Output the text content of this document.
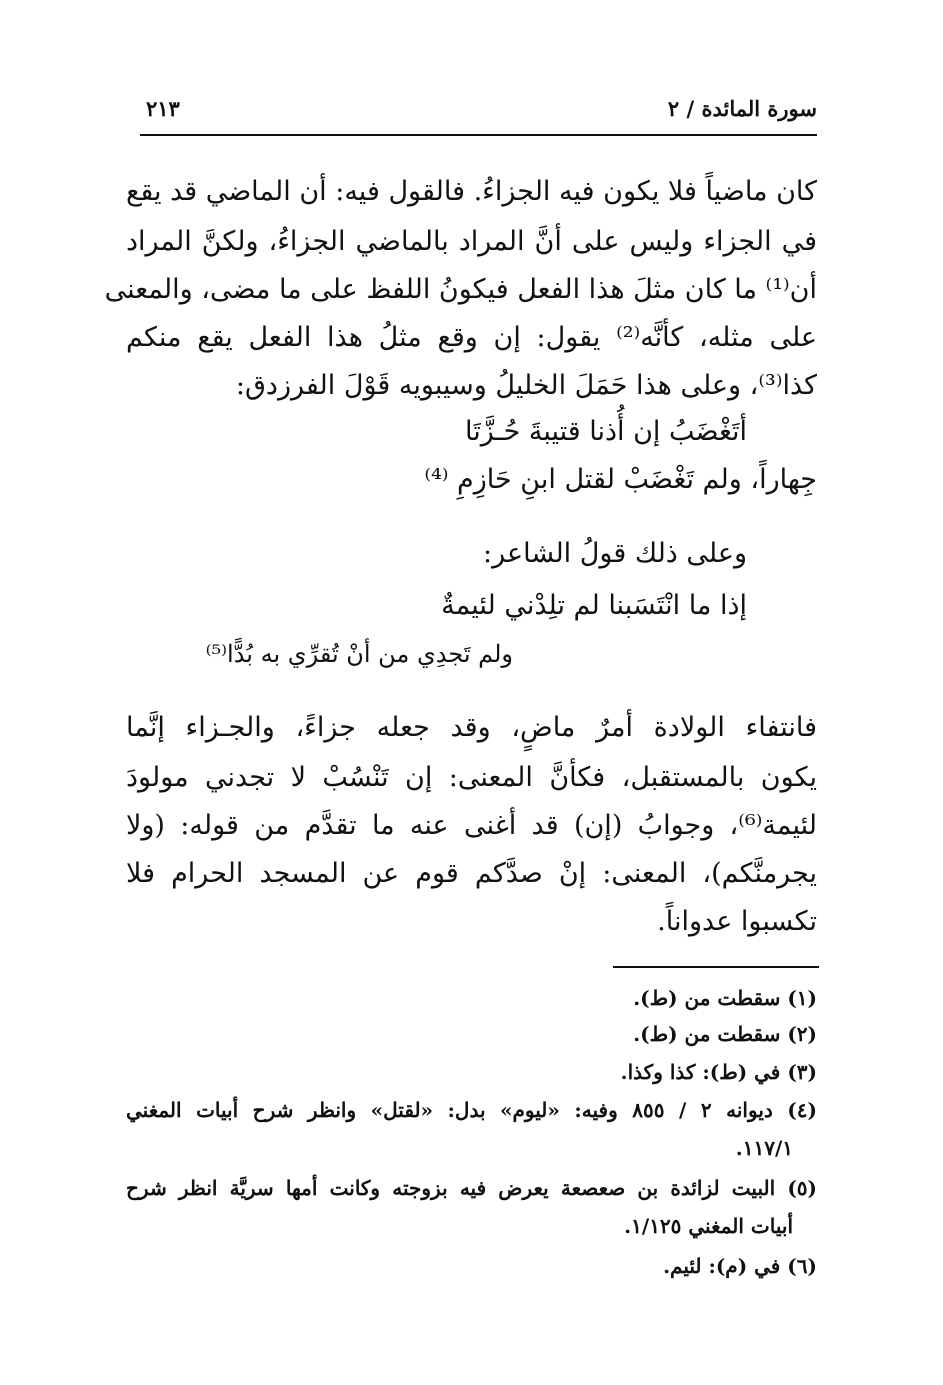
سورة المائدة / ٢
٢١٣
كان ماضياً فلا يكون فيه الجزاءُ. فالقول فيه: أن الماضي قد يقع
في الجزاء وليس على أنَّ المراد بالماضي الجزاءُ، ولكنَّ المراد
أن⁽¹⁾ ما كان مثلَ هذا الفعل فيكونُ اللفظ على ما مضى، والمعنى
على مثله، كأنَّه⁽²⁾ يقول: إن وقع مثلُ هذا الفعل يقع منكم
كذا⁽³⁾، وعلى هذا حَمَلَ الخليلُ وسيبويه قَوْلَ الفرزدق:
أتَغْضَبُ إن أُذنا قتيبةَ حُـزَّتَا
جِهاراً، ولم تَغْضَبْ لقتل ابنِ حَازِمِ ⁽⁴⁾
وعلى ذلك قولُ الشاعر:
إذا ما انْتَسَبنا لم تلِدْني لئيمةٌ
ولم تَجدِي من أنْ تُقرِّي به بُدًّا⁽⁵⁾
فانتفاء الولادة أمرٌ ماضٍ، وقد جعله جزاءً، والجـزاء إنَّما
يكون بالمستقبل، فكأنَّ المعنى: إن تَنْسُبْ لا تجدني مولودَ
لئيمة⁽⁶⁾، وجوابُ (إن) قد أغنى عنه ما تقدَّم من قوله: (ولا
يجرمنَّكم)، المعنى: إنْ صدَّكم قوم عن المسجد الحرام فلا
تكسبوا عدواناً.
(١) سقطت من (ط).
(٢) سقطت من (ط).
(٣) في (ط): كذا وكذا.
(٤) ديوانه ٢ / ٨٥٥ وفيه: «ليوم» بدل: «لقتل» وانظر شرح أبيات المغني
١١٧/١.
(٥) البيت لزائدة بن صعصعة يعرض فيه بزوجته وكانت أمها سريَّة انظر شرح
أبيات المغني ١/١٢٥.
(٦) في (م): لئيم.
